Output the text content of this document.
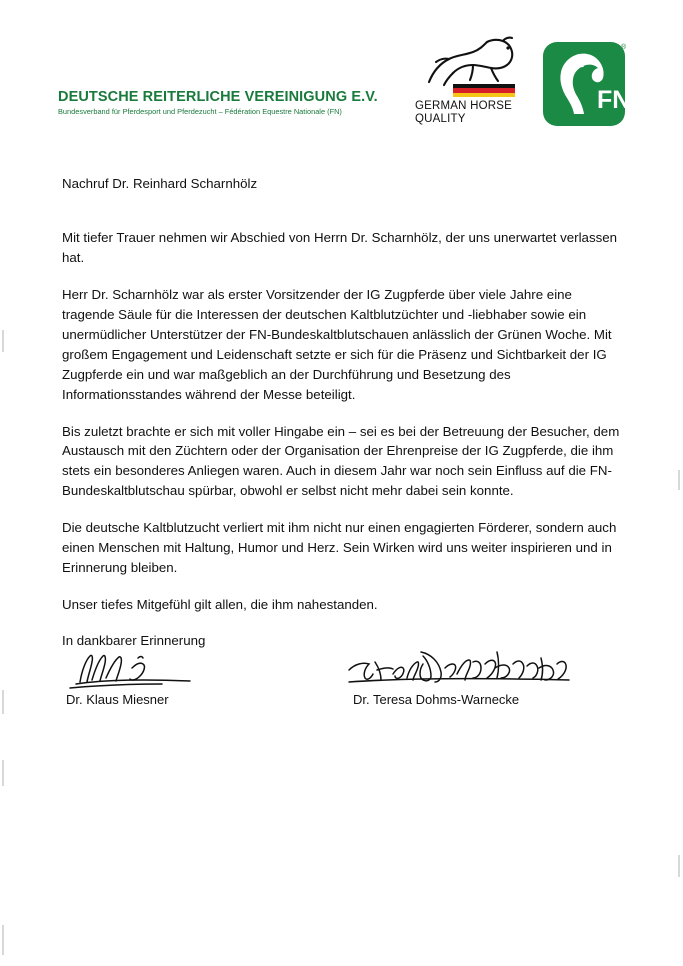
DEUTSCHE REITERLICHE VEREINIGUNG E.V.
Bundesverband für Pferdesport und Pferdezucht – Fédération Equestre Nationale (FN)	GERMAN HORSE
QUALITY
FN
®
Nachruf Dr. Reinhard Scharnhölz

Mit tiefer Trauer nehmen wir Abschied von Herrn Dr. Scharnhölz, der uns unerwartet verlassen hat.

Herr Dr. Scharnhölz war als erster Vorsitzender der IG Zugpferde über viele Jahre eine tragende Säule für die Interessen der deutschen Kaltblutzüchter und -liebhaber sowie ein unermüdlicher Unterstützer der FN-Bundeskaltblutschauen anlässlich der Grünen Woche. Mit großem Engagement und Leidenschaft setzte er sich für die Präsenz und Sichtbarkeit der IG Zugpferde ein und war maßgeblich an der Durchführung und Besetzung des Informationsstandes während der Messe beteiligt.

Bis zuletzt brachte er sich mit voller Hingabe ein – sei es bei der Betreuung der Besucher, dem Austausch mit den Züchtern oder der Organisation der Ehrenpreise der IG Zugpferde, die ihm stets ein besonderes Anliegen waren. Auch in diesem Jahr war noch sein Einfluss auf die FN-Bundeskaltblutschau spürbar, obwohl er selbst nicht mehr dabei sein konnte.

Die deutsche Kaltblutzucht verliert mit ihm nicht nur einen engagierten Förderer, sondern auch einen Menschen mit Haltung, Humor und Herz. Sein Wirken wird uns weiter inspirieren und in Erinnerung bleiben.

Unser tiefes Mitgefühl gilt allen, die ihm nahestanden.

In dankbarer Erinnerung

Dr. Klaus Miesner	Dr. Teresa Dohms-Warnecke
